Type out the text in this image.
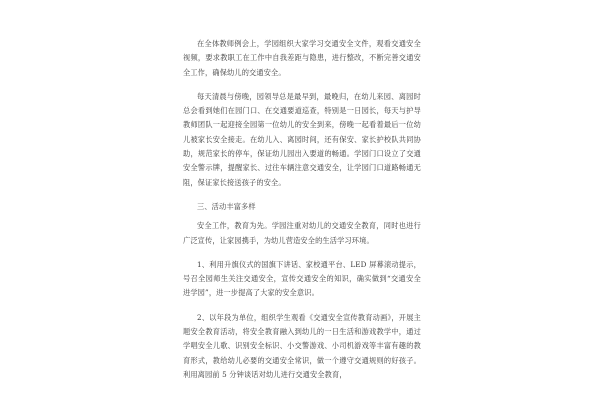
在全体教师例会上，学园组织大家学习交通安全文件，观看交通安全视频，要求教职工在工作中自我差距与隐患，进行整改，不断完善交通安全工作，确保幼儿的交通安全。

每天清晨与傍晚，园领导总是最早到，最晚归，在幼儿来园、离园时总会看到她们在园门口、在交通要道巡查，特别是一日园长，每天与护导教师团队一起迎接全园第一位幼儿的安全到来，傍晚一起看着最后一位幼儿被家长安全接走。在幼儿入、离园时间，还有保安、家长护校队共同协助，规范家长的停车，保证幼儿园出入要道的畅通。学园门口设立了交通安全警示牌，提醒家长、过往车辆注意交通安全，让学园门口道路畅通无阻，保证家长接送孩子的安全。

三、活动丰富多样

安全工作，教育为先。学园注重对幼儿的交通安全教育，同时也进行广泛宣传，让家园携手，为幼儿营造安全的生活学习环境。

1、利用升旗仪式的国旗下讲话、家校通平台、LED 屏幕滚动提示，号召全园师生关注交通安全，宣传交通安全的知识，确实做到“交通安全进学园”，进一步提高了大家的安全意识。

2、以年段为单位，组织学生观看《交通安全宣传教育动画》，开展主题安全教育活动，将安全教育融入到幼儿的一日生活和游戏教学中，通过学唱安全儿歌、识别安全标识、小交警游戏、小司机游戏等丰富有趣的教育形式，教给幼儿必要的交通安全常识，做一个遵守交通规则的好孩子。利用离园前 5 分钟谈话对幼儿进行交通安全教育，
